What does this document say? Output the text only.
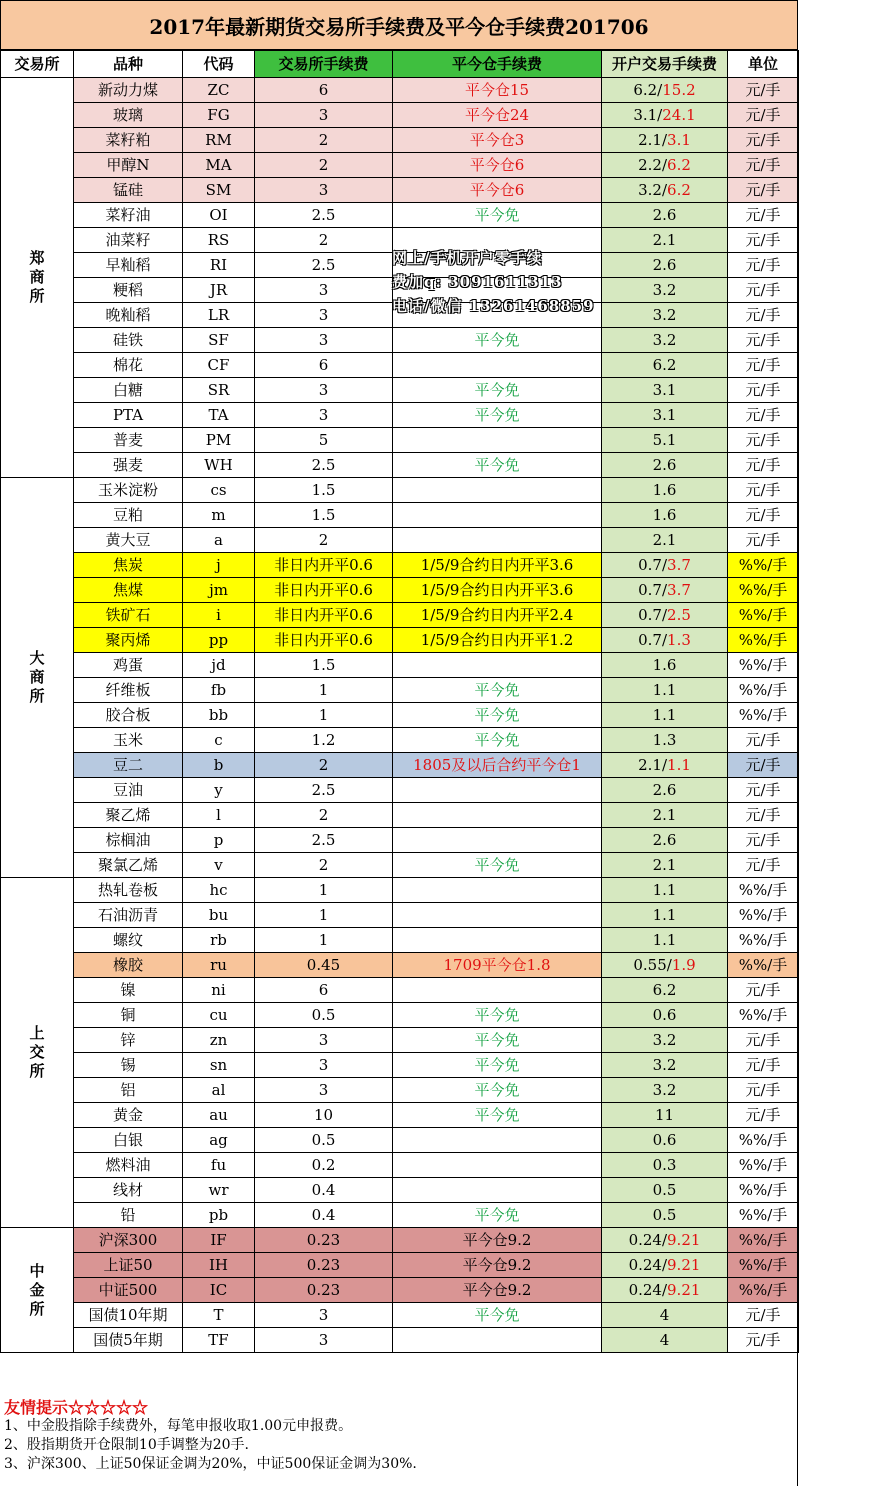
2017年最新期货交易所手续费及平今仓手续费201706
交易所	品种	代码	交易所手续费	平今仓手续费	开户交易手续费	单位
郑商所	新动力煤	ZC	6	平今仓15	6.2/15.2	元/手
	玻璃	FG	3	平今仓24	3.1/24.1	元/手
	菜籽粕	RM	2	平今仓3	2.1/3.1	元/手
	甲醇N	MA	2	平今仓6	2.2/6.2	元/手
	锰硅	SM	3	平今仓6	3.2/6.2	元/手
	菜籽油	OI	2.5	平今免	2.6	元/手
	油菜籽	RS	2		2.1	元/手
	早籼稻	RI	2.5		2.6	元/手
	粳稻	JR	3		3.2	元/手
	晚籼稻	LR	3		3.2	元/手
	硅铁	SF	3	平今免	3.2	元/手
	棉花	CF	6		6.2	元/手
	白糖	SR	3	平今免	3.1	元/手
	PTA	TA	3	平今免	3.1	元/手
	普麦	PM	5		5.1	元/手
	强麦	WH	2.5	平今免	2.6	元/手
大商所	玉米淀粉	cs	1.5		1.6	元/手
	豆粕	m	1.5		1.6	元/手
	黄大豆	a	2		2.1	元/手
	焦炭	j	非日内开平0.6	1/5/9合约日内开平3.6	0.7/3.7	%%/手
	焦煤	jm	非日内开平0.6	1/5/9合约日内开平3.6	0.7/3.7	%%/手
	铁矿石	i	非日内开平0.6	1/5/9合约日内开平2.4	0.7/2.5	%%/手
	聚丙烯	pp	非日内开平0.6	1/5/9合约日内开平1.2	0.7/1.3	%%/手
	鸡蛋	jd	1.5		1.6	%%/手
	纤维板	fb	1	平今免	1.1	%%/手
	胶合板	bb	1	平今免	1.1	%%/手
	玉米	c	1.2	平今免	1.3	元/手
	豆二	b	2	1805及以后合约平今仓1	2.1/1.1	元/手
	豆油	y	2.5		2.6	元/手
	聚乙烯	l	2		2.1	元/手
	棕榈油	p	2.5		2.6	元/手
	聚氯乙烯	v	2	平今免	2.1	元/手
上交所	热轧卷板	hc	1		1.1	%%/手
	石油沥青	bu	1		1.1	%%/手
	螺纹	rb	1		1.1	%%/手
	橡胶	ru	0.45	1709平今仓1.8	0.55/1.9	%%/手
	镍	ni	6		6.2	元/手
	铜	cu	0.5	平今免	0.6	%%/手
	锌	zn	3	平今免	3.2	元/手
	锡	sn	3	平今免	3.2	元/手
	铝	al	3	平今免	3.2	元/手
	黄金	au	10	平今免	11	元/手
	白银	ag	0.5		0.6	%%/手
	燃料油	fu	0.2		0.3	%%/手
	线材	wr	0.4		0.5	%%/手
	铅	pb	0.4	平今免	0.5	%%/手
中金所	沪深300	IF	0.23	平今仓9.2	0.24/9.21	%%/手
	上证50	IH	0.23	平今仓9.2	0.24/9.21	%%/手
	中证500	IC	0.23	平今仓9.2	0.24/9.21	%%/手
	国债10年期	T	3	平今免	4	元/手
	国债5年期	TF	3		4	元/手
网上/手机开户零手续
费加q: 3091611313
电话/微信 13261468859
友情提示☆☆☆☆☆
1、中金股指除手续费外，每笔申报收取1.00元申报费。
2、股指期货开仓限制10手调整为20手.
3、沪深300、上证50保证金调为20%，中证500保证金调为30%.
